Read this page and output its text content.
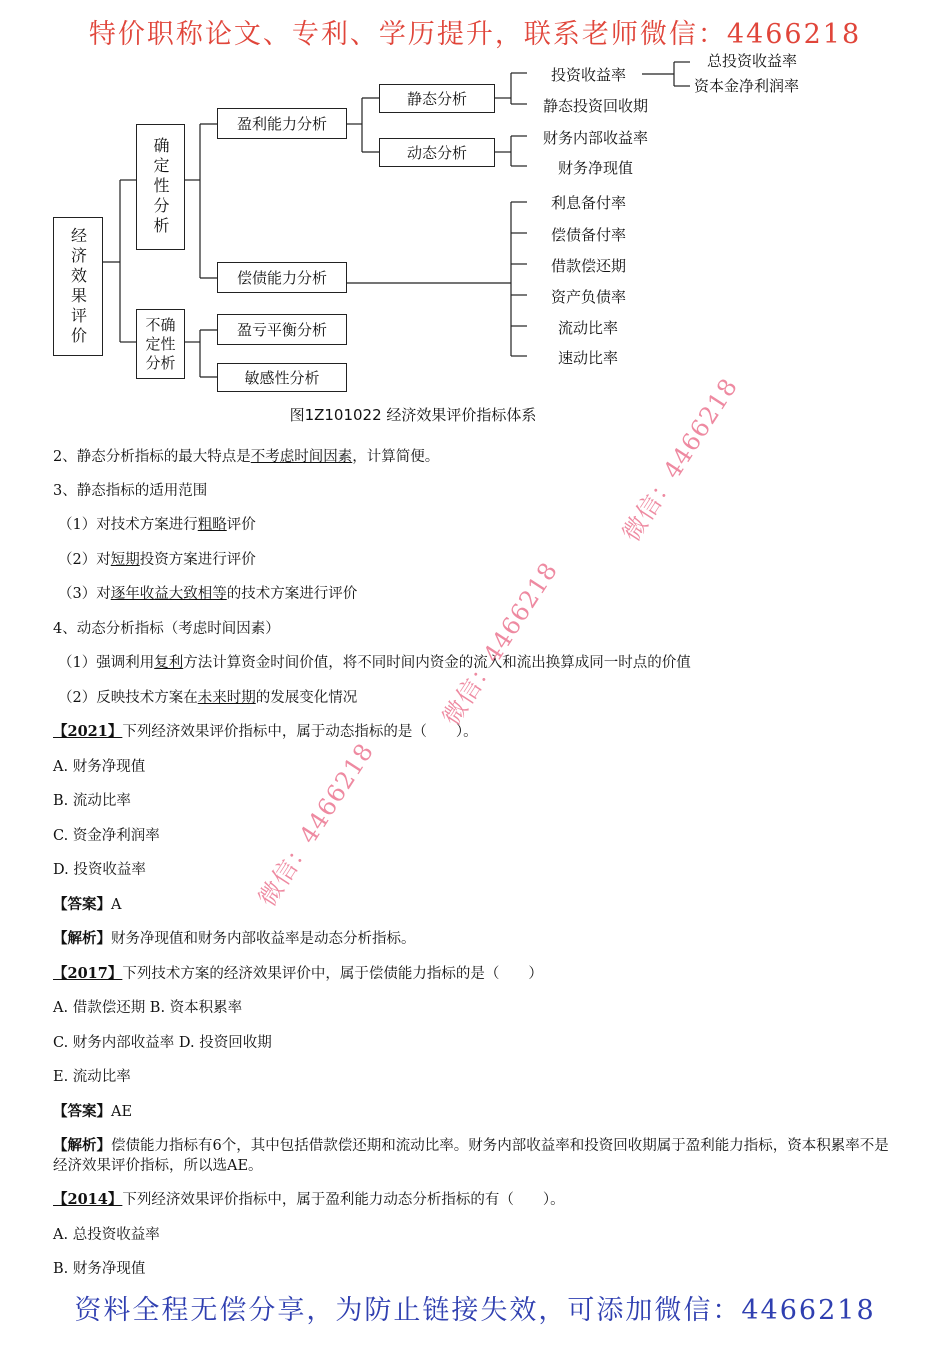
特价职称论文、专利、学历提升，联系老师微信：4466218
资料全程无偿分享，为防止链接失效，可添加微信：4466218
经济效果评价
确定性分析
不确定性分析
盈利能力分析
偿债能力分析
盈亏平衡分析
敏感性分析
静态分析
动态分析
投资收益率
静态投资回收期
总投资收益率
资本金净利润率
财务内部收益率
财务净现值
利息备付率
偿债备付率
借款偿还期
资产负债率
流动比率
速动比率
图1Z101022 经济效果评价指标体系
2、静态分析指标的最大特点是不考虑时间因素，计算简便。
3、静态指标的适用范围
（1）对技术方案进行粗略评价
（2）对短期投资方案进行评价
（3）对逐年收益大致相等的技术方案进行评价
4、动态分析指标（考虑时间因素）
（1）强调利用复利方法计算资金时间价值，将不同时间内资金的流入和流出换算成同一时点的价值
（2）反映技术方案在未来时期的发展变化情况
【2021】下列经济效果评价指标中，属于动态指标的是（　　）。
A. 财务净现值
B. 流动比率
C. 资金净利润率
D. 投资收益率
【答案】A
【解析】财务净现值和财务内部收益率是动态分析指标。
【2017】下列技术方案的经济效果评价中，属于偿债能力指标的是（　　）
A. 借款偿还期 B. 资本积累率
C. 财务内部收益率 D. 投资回收期
E. 流动比率
【答案】AE
【解析】偿债能力指标有6个，其中包括借款偿还期和流动比率。财务内部收益率和投资回收期属于盈利能力指标，资本积累率不是经济效果评价指标，所以选AE。
【2014】下列经济效果评价指标中，属于盈利能力动态分析指标的有（　　）。
A. 总投资收益率
B. 财务净现值
微信：4466218
微信：4466218
微信：4466218
